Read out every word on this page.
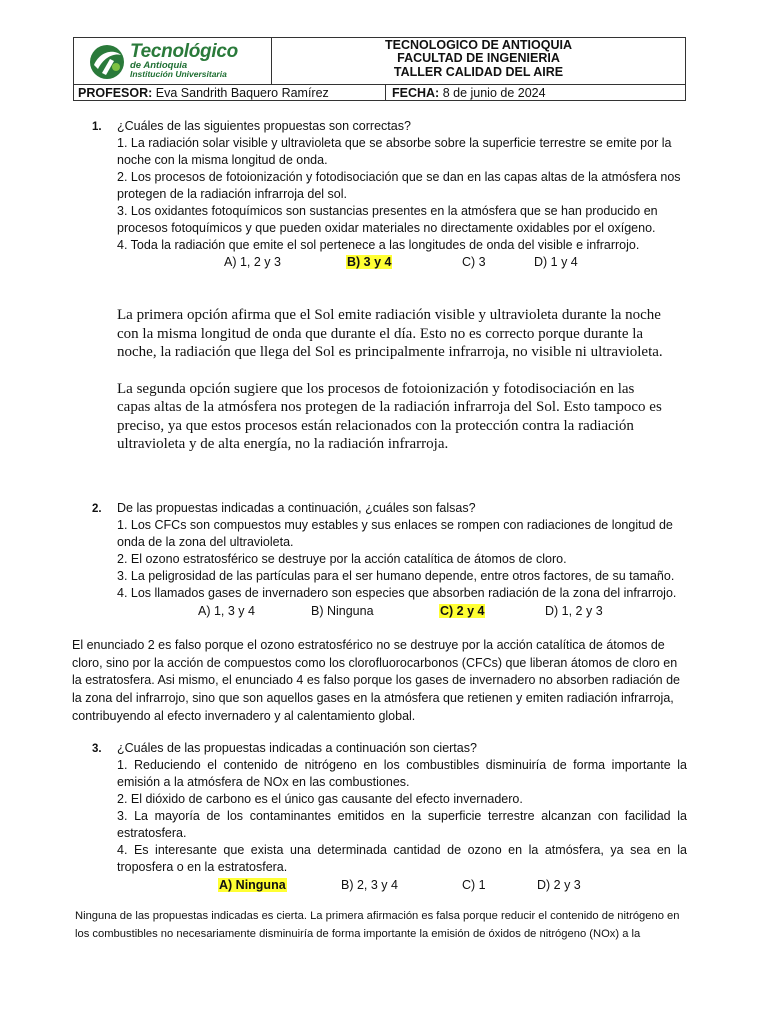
Tecnológico
de Antioquia
Institución Universitaria
TECNOLOGICO DE ANTIOQUIA
FACULTAD DE INGENIERIA
TALLER CALIDAD DEL AIRE
PROFESOR: Eva Sandrith Baquero Ramírez	FECHA: 8 de junio de 2024
1. ¿Cuáles de las siguientes propuestas son correctas?

1. La radiación solar visible y ultravioleta que se absorbe sobre la superficie terrestre se emite por la noche con la misma longitud de onda.

2. Los procesos de fotoionización y fotodisociación que se dan en las capas altas de la atmósfera nos protegen de la radiación infrarroja del sol.

3. Los oxidantes fotoquímicos son sustancias presentes en la atmósfera que se han producido en procesos fotoquímicos y que pueden oxidar materiales no directamente oxidables por el oxígeno.

4. Toda la radiación que emite el sol pertenece a las longitudes de onda del visible e infrarrojo.

A) 1, 2 y 3	B) 3 y 4	C) 3	D) 1 y 4

La primera opción afirma que el Sol emite radiación visible y ultravioleta durante la noche con la misma longitud de onda que durante el día. Esto no es correcto porque durante la noche, la radiación que llega del Sol es principalmente infrarroja, no visible ni ultravioleta.

La segunda opción sugiere que los procesos de fotoionización y fotodisociación en las capas altas de la atmósfera nos protegen de la radiación infrarroja del Sol. Esto tampoco es preciso, ya que estos procesos están relacionados con la protección contra la radiación ultravioleta y de alta energía, no la radiación infrarroja.

2. De las propuestas indicadas a continuación, ¿cuáles son falsas?

1. Los CFCs son compuestos muy estables y sus enlaces se rompen con radiaciones de longitud de onda de la zona del ultravioleta.

2. El ozono estratosférico se destruye por la acción catalítica de átomos de cloro.

3. La peligrosidad de las partículas para el ser humano depende, entre otros factores, de su tamaño.

4. Los llamados gases de invernadero son especies que absorben radiación de la zona del infrarrojo.

A) 1, 3 y 4	B) Ninguna	C) 2 y 4	D) 1, 2 y 3
El enunciado 2 es falso porque el ozono estratosférico no se destruye por la acción catalítica de átomos de cloro, sino por la acción de compuestos como los clorofluorocarbonos (CFCs) que liberan átomos de cloro en la estratosfera. Asi mismo, el enunciado 4 es falso porque los gases de invernadero no absorben radiación de la zona del infrarrojo, sino que son aquellos gases en la atmósfera que retienen y emiten radiación infrarroja, contribuyendo al efecto invernadero y al calentamiento global.
3. ¿Cuáles de las propuestas indicadas a continuación son ciertas?

1. Reduciendo el contenido de nitrógeno en los combustibles disminuiría de forma importante la emisión a la atmósfera de NOx en las combustiones.

2. El dióxido de carbono es el único gas causante del efecto invernadero.

3. La mayoría de los contaminantes emitidos en la superficie terrestre alcanzan con facilidad la estratosfera.

4. Es interesante que exista una determinada cantidad de ozono en la atmósfera, ya sea en la troposfera o en la estratosfera.

A) Ninguna	B) 2, 3 y 4	C) 1	D) 2 y 3
Ninguna de las propuestas indicadas es cierta. La primera afirmación es falsa porque reducir el contenido de nitrógeno en los combustibles no necesariamente disminuiría de forma importante la emisión de óxidos de nitrógeno (NOx) a la
